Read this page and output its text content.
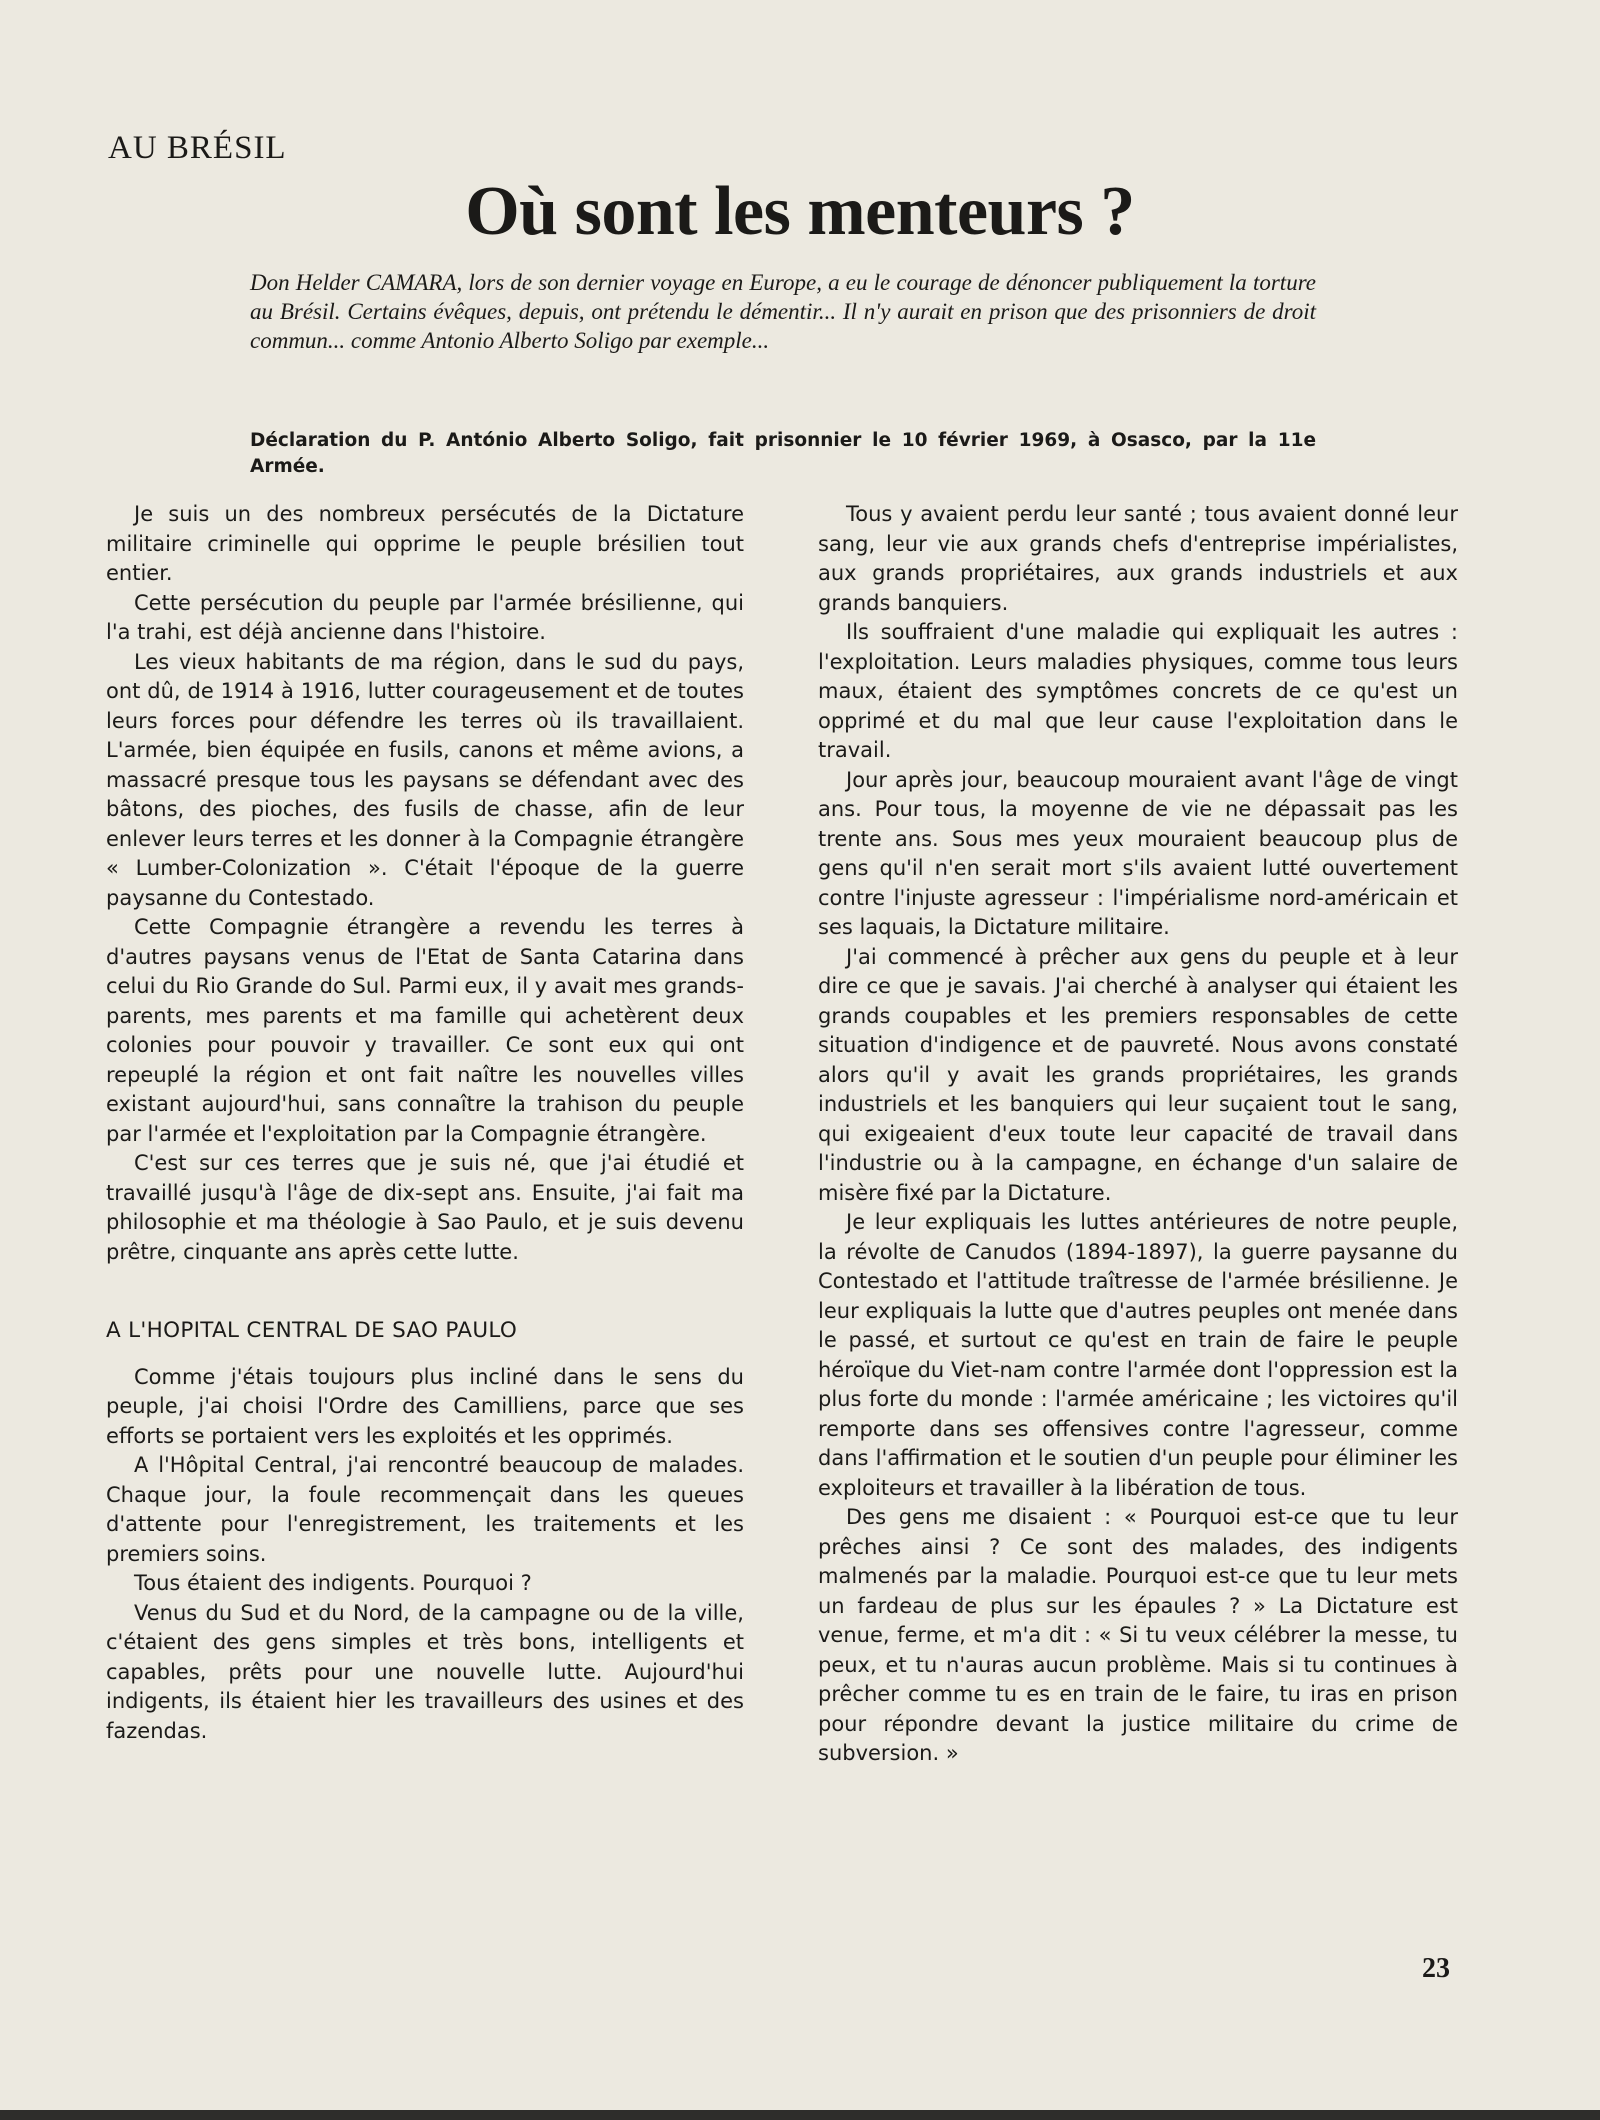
AU BRÉSIL
Où sont les menteurs ?

Don Helder CAMARA, lors de son dernier voyage en Europe, a eu le courage de dénoncer publiquement la torture au Brésil. Certains évêques, depuis, ont prétendu le démentir... Il n'y aurait en prison que des prisonniers de droit commun... comme Antonio Alberto Soligo par exemple...

Déclaration du P. António Alberto Soligo, fait prisonnier le 10 février 1969, à Osasco, par la 11e Armée.

Je suis un des nombreux persécutés de la Dictature militaire criminelle qui opprime le peuple brésilien tout entier.

Cette persécution du peuple par l'armée brésilienne, qui l'a trahi, est déjà ancienne dans l'histoire.

Les vieux habitants de ma région, dans le sud du pays, ont dû, de 1914 à 1916, lutter courageusement et de toutes leurs forces pour défendre les terres où ils travaillaient. L'armée, bien équipée en fusils, canons et même avions, a massacré presque tous les paysans se défendant avec des bâtons, des pioches, des fusils de chasse, afin de leur enlever leurs terres et les donner à la Compagnie étrangère « Lumber-Colonization ». C'était l'époque de la guerre paysanne du Contestado.

Cette Compagnie étrangère a revendu les terres à d'autres paysans venus de l'Etat de Santa Catarina dans celui du Rio Grande do Sul. Parmi eux, il y avait mes grands-parents, mes parents et ma famille qui achetèrent deux colonies pour pouvoir y travailler. Ce sont eux qui ont repeuplé la région et ont fait naître les nouvelles villes existant aujourd'hui, sans connaître la trahison du peuple par l'armée et l'exploitation par la Compagnie étrangère.

C'est sur ces terres que je suis né, que j'ai étudié et travaillé jusqu'à l'âge de dix-sept ans. Ensuite, j'ai fait ma philosophie et ma théologie à Sao Paulo, et je suis devenu prêtre, cinquante ans après cette lutte.

A L'HOPITAL CENTRAL DE SAO PAULO

Comme j'étais toujours plus incliné dans le sens du peuple, j'ai choisi l'Ordre des Camilliens, parce que ses efforts se portaient vers les exploités et les opprimés.

A l'Hôpital Central, j'ai rencontré beaucoup de malades. Chaque jour, la foule recommençait dans les queues d'attente pour l'enregistrement, les traitements et les premiers soins.

Tous étaient des indigents. Pourquoi ?

Venus du Sud et du Nord, de la campagne ou de la ville, c'étaient des gens simples et très bons, intelligents et capables, prêts pour une nouvelle lutte. Aujourd'hui indigents, ils étaient hier les travailleurs des usines et des fazendas.

Tous y avaient perdu leur santé ; tous avaient donné leur sang, leur vie aux grands chefs d'entreprise impérialistes, aux grands propriétaires, aux grands industriels et aux grands banquiers.

Ils souffraient d'une maladie qui expliquait les autres : l'exploitation. Leurs maladies physiques, comme tous leurs maux, étaient des symptômes concrets de ce qu'est un opprimé et du mal que leur cause l'exploitation dans le travail.

Jour après jour, beaucoup mouraient avant l'âge de vingt ans. Pour tous, la moyenne de vie ne dépassait pas les trente ans. Sous mes yeux mouraient beaucoup plus de gens qu'il n'en serait mort s'ils avaient lutté ouvertement contre l'injuste agresseur : l'impérialisme nord-américain et ses laquais, la Dictature militaire.

J'ai commencé à prêcher aux gens du peuple et à leur dire ce que je savais. J'ai cherché à analyser qui étaient les grands coupables et les premiers responsables de cette situation d'indigence et de pauvreté. Nous avons constaté alors qu'il y avait les grands propriétaires, les grands industriels et les banquiers qui leur suçaient tout le sang, qui exigeaient d'eux toute leur capacité de travail dans l'industrie ou à la campagne, en échange d'un salaire de misère fixé par la Dictature.

Je leur expliquais les luttes antérieures de notre peuple, la révolte de Canudos (1894-1897), la guerre paysanne du Contestado et l'attitude traîtresse de l'armée brésilienne. Je leur expliquais la lutte que d'autres peuples ont menée dans le passé, et surtout ce qu'est en train de faire le peuple héroïque du Viet-nam contre l'armée dont l'oppression est la plus forte du monde : l'armée américaine ; les victoires qu'il remporte dans ses offensives contre l'agresseur, comme dans l'affirmation et le soutien d'un peuple pour éliminer les exploiteurs et travailler à la libération de tous.

Des gens me disaient : « Pourquoi est-ce que tu leur prêches ainsi ? Ce sont des malades, des indigents malmenés par la maladie. Pourquoi est-ce que tu leur mets un fardeau de plus sur les épaules ? » La Dictature est venue, ferme, et m'a dit : « Si tu veux célébrer la messe, tu peux, et tu n'auras aucun problème. Mais si tu continues à prêcher comme tu es en train de le faire, tu iras en prison pour répondre devant la justice militaire du crime de subversion. »

23
